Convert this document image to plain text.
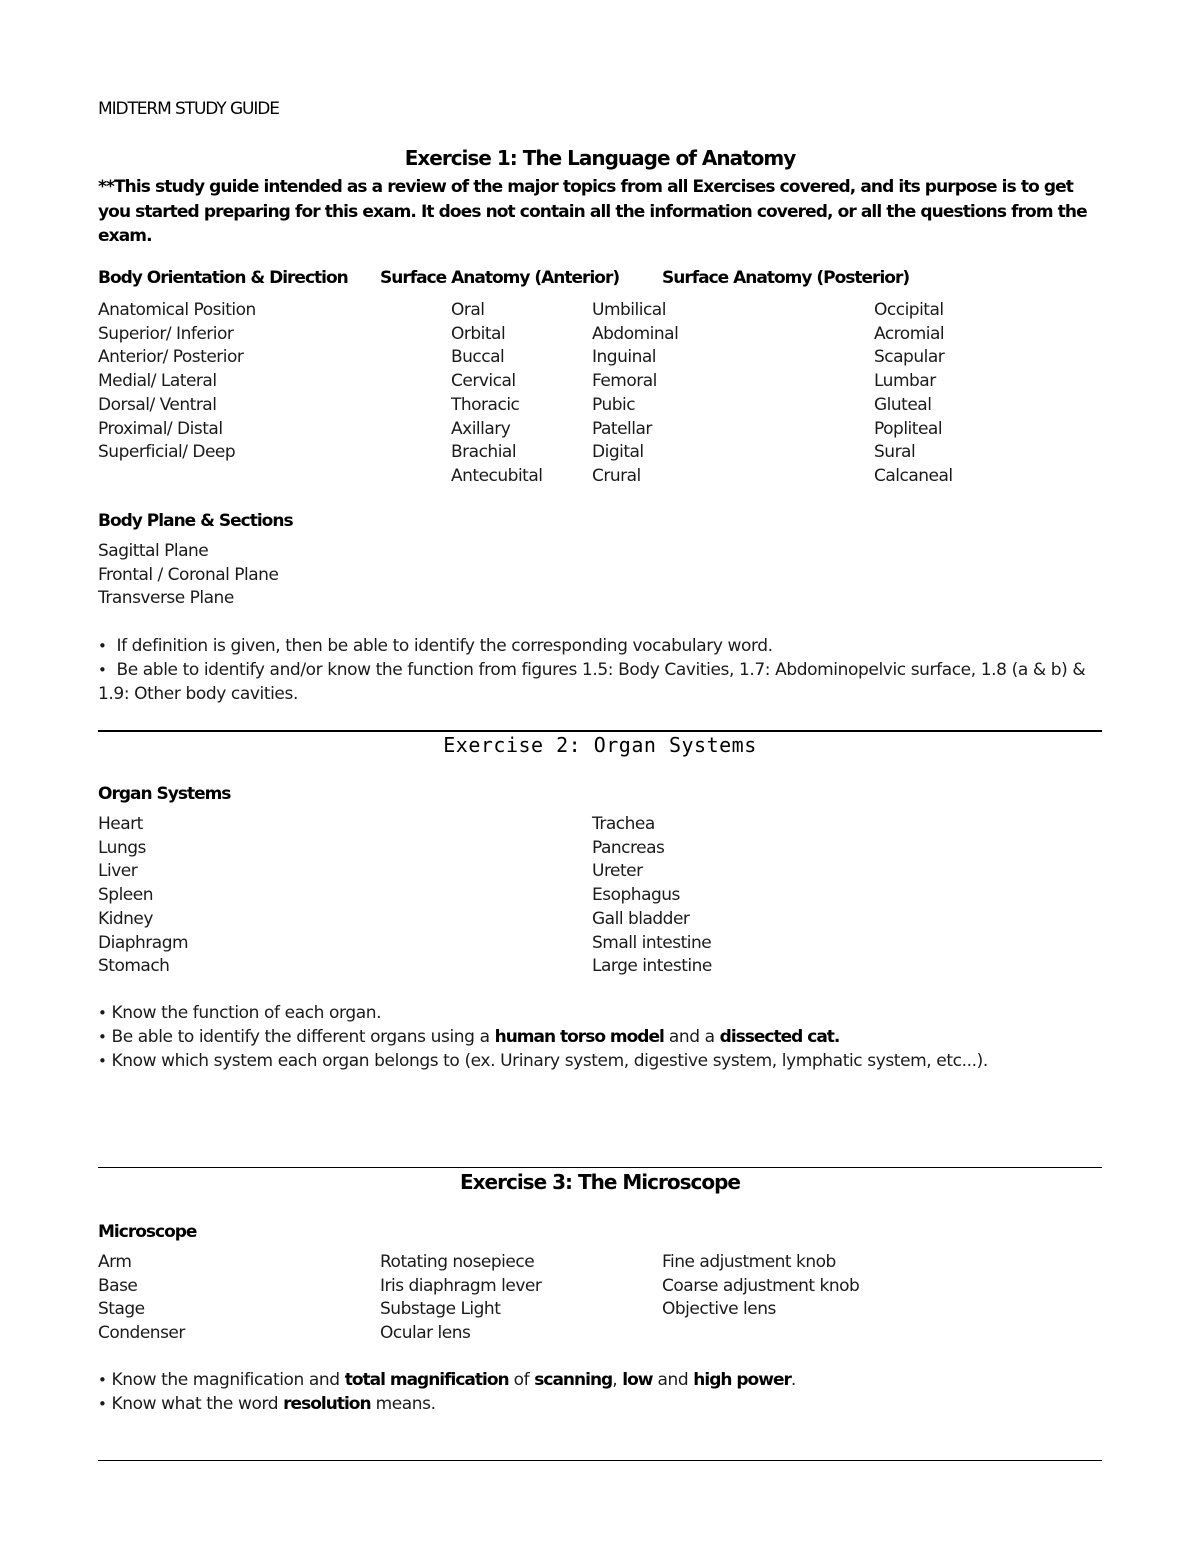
MIDTERM STUDY GUIDE
Exercise 1: The Language of Anatomy
**This study guide intended as a review of the major topics from all Exercises covered, and its purpose is to get you started preparing for this exam. It does not contain all the information covered, or all the questions from the exam.
Body Orientation & Direction Surface Anatomy (Anterior)	Surface Anatomy (Posterior)
Anatomical Position
Superior/ Inferior
Anterior/ Posterior
Medial/ Lateral
Dorsal/ Ventral
Proximal/ Distal
Superficial/ Deep
Oral
Orbital
Buccal
Cervical
Thoracic
Axillary
Brachial
Antecubital
Umbilical
Abdominal
Inguinal
Femoral
Pubic
Patellar
Digital
Crural
Occipital
Acromial
Scapular
Lumbar
Gluteal
Popliteal
Sural
Calcaneal
Body Plane & Sections
Sagittal Plane
Frontal / Coronal Plane
Transverse Plane
• If definition is given, then be able to identify the corresponding vocabulary word.
• Be able to identify and/or know the function from figures 1.5: Body Cavities, 1.7: Abdominopelvic surface, 1.8 (a & b) & 1.9: Other body cavities.
Exercise 2: Organ Systems
Organ Systems
Heart
Lungs
Liver
Spleen
Kidney
Diaphragm
Stomach
Trachea
Pancreas
Ureter
Esophagus
Gall bladder
Small intestine
Large intestine
• Know the function of each organ.
• Be able to identify the different organs using a human torso model and a dissected cat.
• Know which system each organ belongs to (ex. Urinary system, digestive system, lymphatic system, etc...).
Exercise 3: The Microscope
Microscope
Arm
Base
Stage
Condenser
Rotating nosepiece
Iris diaphragm lever
Substage Light
Ocular lens
Fine adjustment knob
Coarse adjustment knob
Objective lens
• Know the magnification and total magnification of scanning, low and high power.
• Know what the word resolution means.
